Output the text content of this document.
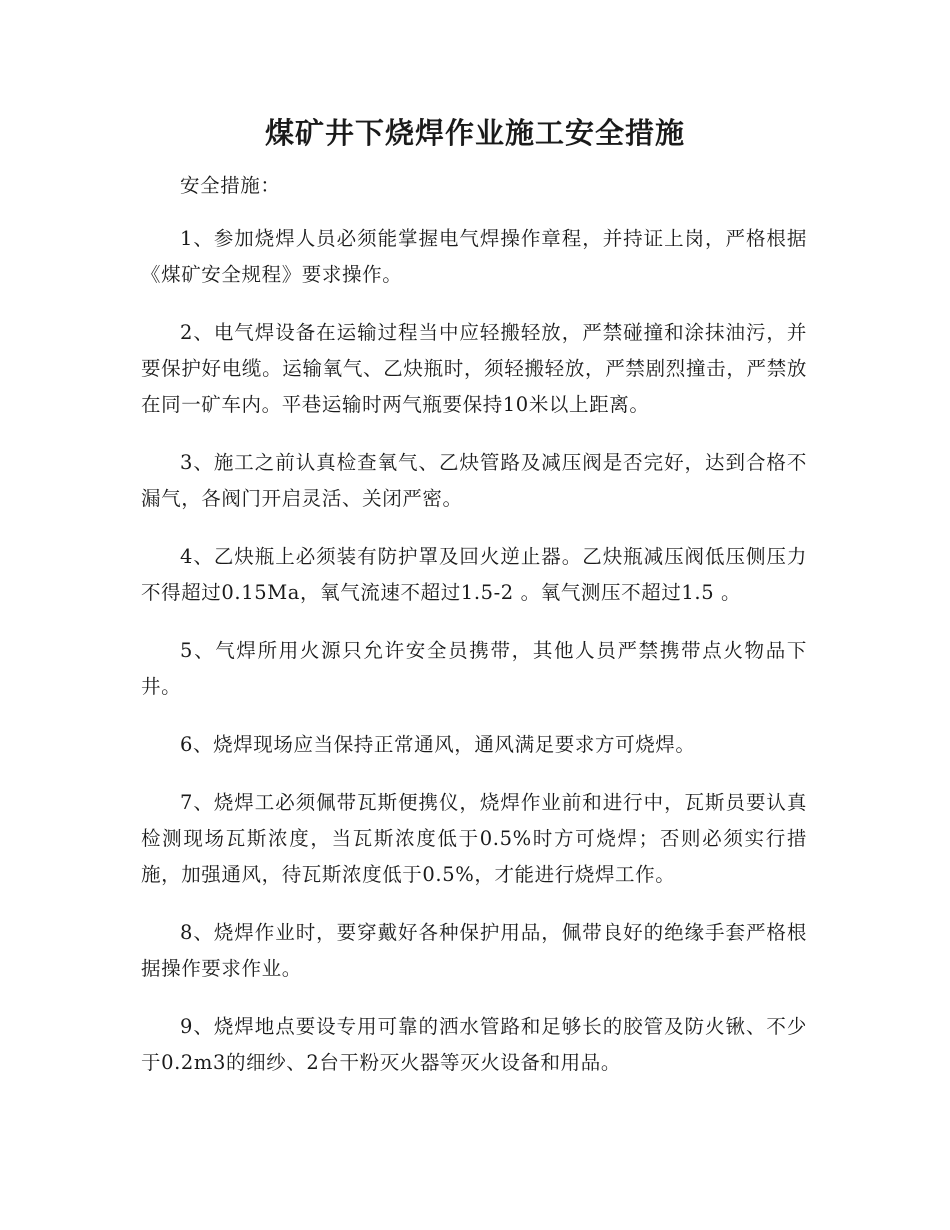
煤矿井下烧焊作业施工安全措施

安全措施：

1、参加烧焊人员必须能掌握电气焊操作章程，并持证上岗，严格根据《煤矿安全规程》要求操作。

2、电气焊设备在运输过程当中应轻搬轻放，严禁碰撞和涂抹油污，并要保护好电缆。运输氧气、乙炔瓶时，须轻搬轻放，严禁剧烈撞击，严禁放在同一矿车内。平巷运输时两气瓶要保持10米以上距离。

3、施工之前认真检查氧气、乙炔管路及减压阀是否完好，达到合格不漏气，各阀门开启灵活、关闭严密。

4、乙炔瓶上必须装有防护罩及回火逆止器。乙炔瓶减压阀低压侧压力不得超过0.15Ma，氧气流速不超过1.5-2 。氧气测压不超过1.5 。

5、气焊所用火源只允许安全员携带，其他人员严禁携带点火物品下井。

6、烧焊现场应当保持正常通风，通风满足要求方可烧焊。

7、烧焊工必须佩带瓦斯便携仪，烧焊作业前和进行中，瓦斯员要认真检测现场瓦斯浓度，当瓦斯浓度低于0.5%时方可烧焊；否则必须实行措施，加强通风，待瓦斯浓度低于0.5%，才能进行烧焊工作。

8、烧焊作业时，要穿戴好各种保护用品，佩带良好的绝缘手套严格根据操作要求作业。

9、烧焊地点要设专用可靠的洒水管路和足够长的胶管及防火锹、不少于0.2m3的细纱、2台干粉灭火器等灭火设备和用品。
